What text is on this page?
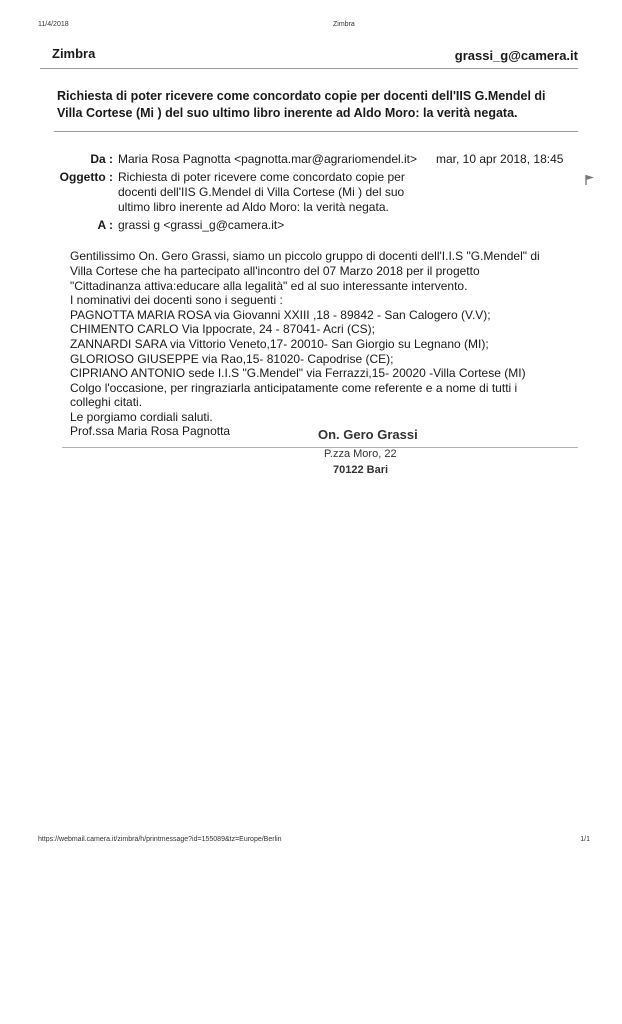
11/4/2018	Zimbra
Zimbra	grassi_g@camera.it
Richiesta di poter ricevere come concordato copie per docenti dell'IIS G.Mendel di
Villa Cortese (Mi ) del suo ultimo libro inerente ad Aldo Moro: la verità negata.
Da : Maria Rosa Pagnotta <pagnotta.mar@agrariomendel.it> mar, 10 apr 2018, 18:45
Oggetto : Richiesta di poter ricevere come concordato copie per
docenti dell'IIS G.Mendel di Villa Cortese (Mi ) del suo
ultimo libro inerente ad Aldo Moro: la verità negata.
A : grassi g <grassi_g@camera.it>
Gentilissimo On. Gero Grassi, siamo un piccolo gruppo di docenti dell'I.I.S "G.Mendel" di
Villa Cortese che ha partecipato all'incontro del 07 Marzo 2018 per il progetto
"Cittadinanza attiva:educare alla legalità" ed al suo interessante intervento.
I nominativi dei docenti sono i seguenti :
PAGNOTTA MARIA ROSA via Giovanni XXIII ,18 - 89842 - San Calogero (V.V);
CHIMENTO CARLO Via Ippocrate, 24 - 87041- Acri (CS);
ZANNARDI SARA via Vittorio Veneto,17- 20010- San Giorgio su Legnano (MI);
GLORIOSO GIUSEPPE via Rao,15- 81020- Capodrise (CE);
CIPRIANO ANTONIO sede I.I.S "G.Mendel" via Ferrazzi,15- 20020 -Villa Cortese (MI)
Colgo l'occasione, per ringraziarla anticipatamente come referente e a nome di tutti i
colleghi citati.
Le porgiamo cordiali saluti.
Prof.ssa Maria Rosa Pagnotta	On. Gero Grassi
P.zza Moro, 22
70122 Bari
https://webmail.camera.it/zimbra/h/printmessage?id=155089&tz=Europe/Berlin	1/1
